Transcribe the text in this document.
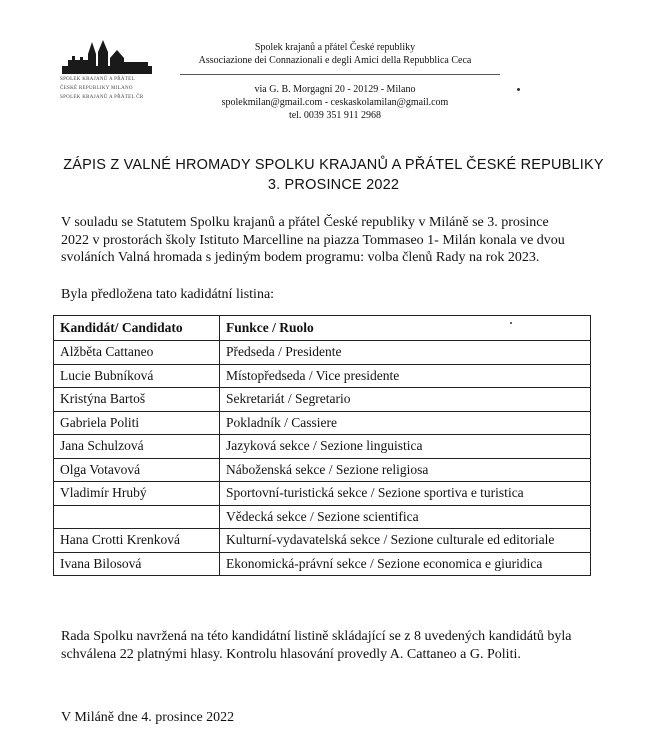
SPOLEK KRAJANŮ A PŘÁTEL
ČESKÉ REPUBLIKY MILANO
SPOLEK KRAJANŮ A PŘÁTEL ČR
Spolek krajanů a přátel České republiky
Associazione dei Connazionali e degli Amici della Repubblica Ceca
via G. B. Morgagni 20 - 20129 - Milano
spolekmilan@gmail.com - ceskaskolamilan@gmail.com
tel. 0039 351 911 2968
ZÁPIS Z VALNÉ HROMADY SPOLKU KRAJANŮ A PŘÁTEL ČESKÉ REPUBLIKY
3. PROSINCE 2022
V souladu se Statutem Spolku krajanů a přátel České republiky v Miláně se 3. prosince
2022 v prostorách školy Istituto Marcelline na piazza Tommaseo 1- Milán konala ve dvou
svoláních Valná hromada s jediným bodem programu: volba členů Rady na rok 2023.
Byla předložena tato kadidátní listina:
Kandidát/ Candidato	Funkce / Ruolo
Alžběta Cattaneo	Předseda / Presidente
Lucie Bubníková	Místopředseda / Vice presidente
Kristýna Bartoš	Sekretariát / Segretario
Gabriela Politi	Pokladník / Cassiere
Jana Schulzová	Jazyková sekce / Sezione linguistica
Olga Votavová	Náboženská sekce / Sezione religiosa
Vladimír Hrubý	Sportovní-turistická sekce / Sezione sportiva e turistica
	Vědecká sekce / Sezione scientifica
Hana Crotti Krenková	Kulturní-vydavatelská sekce / Sezione culturale ed editoriale
Ivana Bilosová	Ekonomická-právní sekce / Sezione economica e giuridica
Rada Spolku navržená na této kandidátní listině skládající se z 8 uvedených kandidátů byla
schválena 22 platnými hlasy. Kontrolu hlasování provedly A. Cattaneo a G. Politi.
V Miláně dne 4. prosince 2022
